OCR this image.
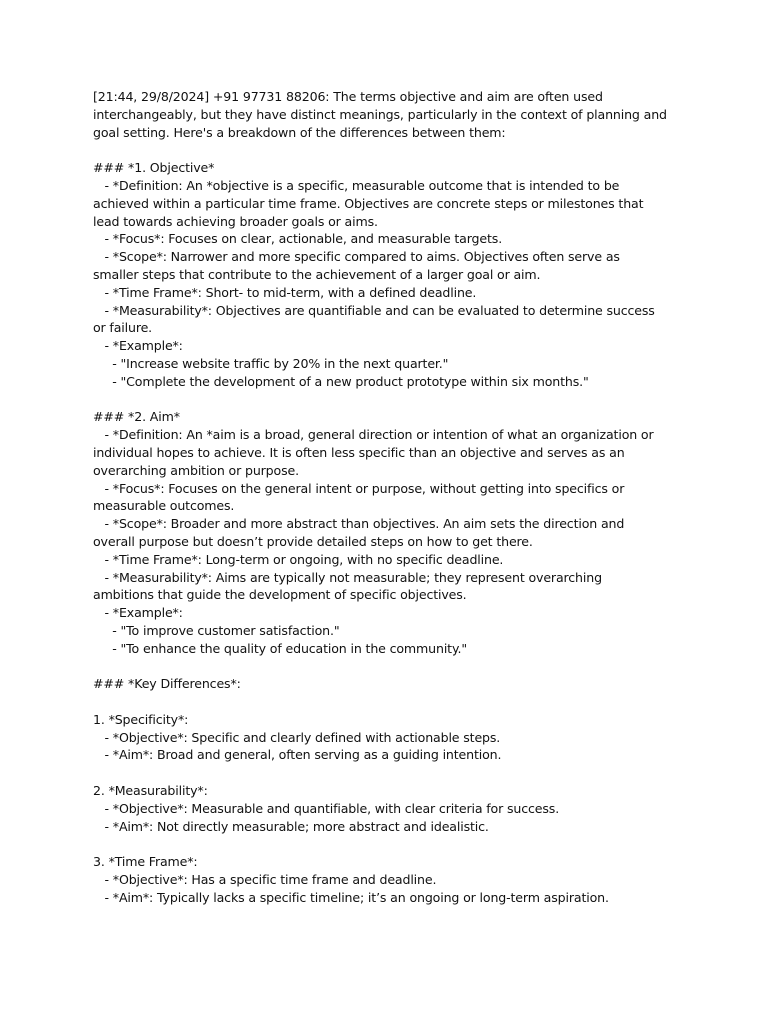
[21:44, 29/8/2024] +91 97731 88206: The terms objective and aim are often used

interchangeably, but they have distinct meanings, particularly in the context of planning and

goal setting. Here's a breakdown of the differences between them:

### *1. Objective*

- *Definition: An *objective is a specific, measurable outcome that is intended to be

achieved within a particular time frame. Objectives are concrete steps or milestones that

lead towards achieving broader goals or aims.

- *Focus*: Focuses on clear, actionable, and measurable targets.

- *Scope*: Narrower and more specific compared to aims. Objectives often serve as

smaller steps that contribute to the achievement of a larger goal or aim.

- *Time Frame*: Short- to mid-term, with a defined deadline.

- *Measurability*: Objectives are quantifiable and can be evaluated to determine success

or failure.

- *Example*:

- "Increase website traffic by 20% in the next quarter."

- "Complete the development of a new product prototype within six months."

### *2. Aim*

- *Definition: An *aim is a broad, general direction or intention of what an organization or

individual hopes to achieve. It is often less specific than an objective and serves as an

overarching ambition or purpose.

- *Focus*: Focuses on the general intent or purpose, without getting into specifics or

measurable outcomes.

- *Scope*: Broader and more abstract than objectives. An aim sets the direction and

overall purpose but doesn’t provide detailed steps on how to get there.

- *Time Frame*: Long-term or ongoing, with no specific deadline.

- *Measurability*: Aims are typically not measurable; they represent overarching

ambitions that guide the development of specific objectives.

- *Example*:

- "To improve customer satisfaction."

- "To enhance the quality of education in the community."

### *Key Differences*:

1. *Specificity*:

- *Objective*: Specific and clearly defined with actionable steps.

- *Aim*: Broad and general, often serving as a guiding intention.

2. *Measurability*:

- *Objective*: Measurable and quantifiable, with clear criteria for success.

- *Aim*: Not directly measurable; more abstract and idealistic.

3. *Time Frame*:

- *Objective*: Has a specific time frame and deadline.

- *Aim*: Typically lacks a specific timeline; it’s an ongoing or long-term aspiration.
